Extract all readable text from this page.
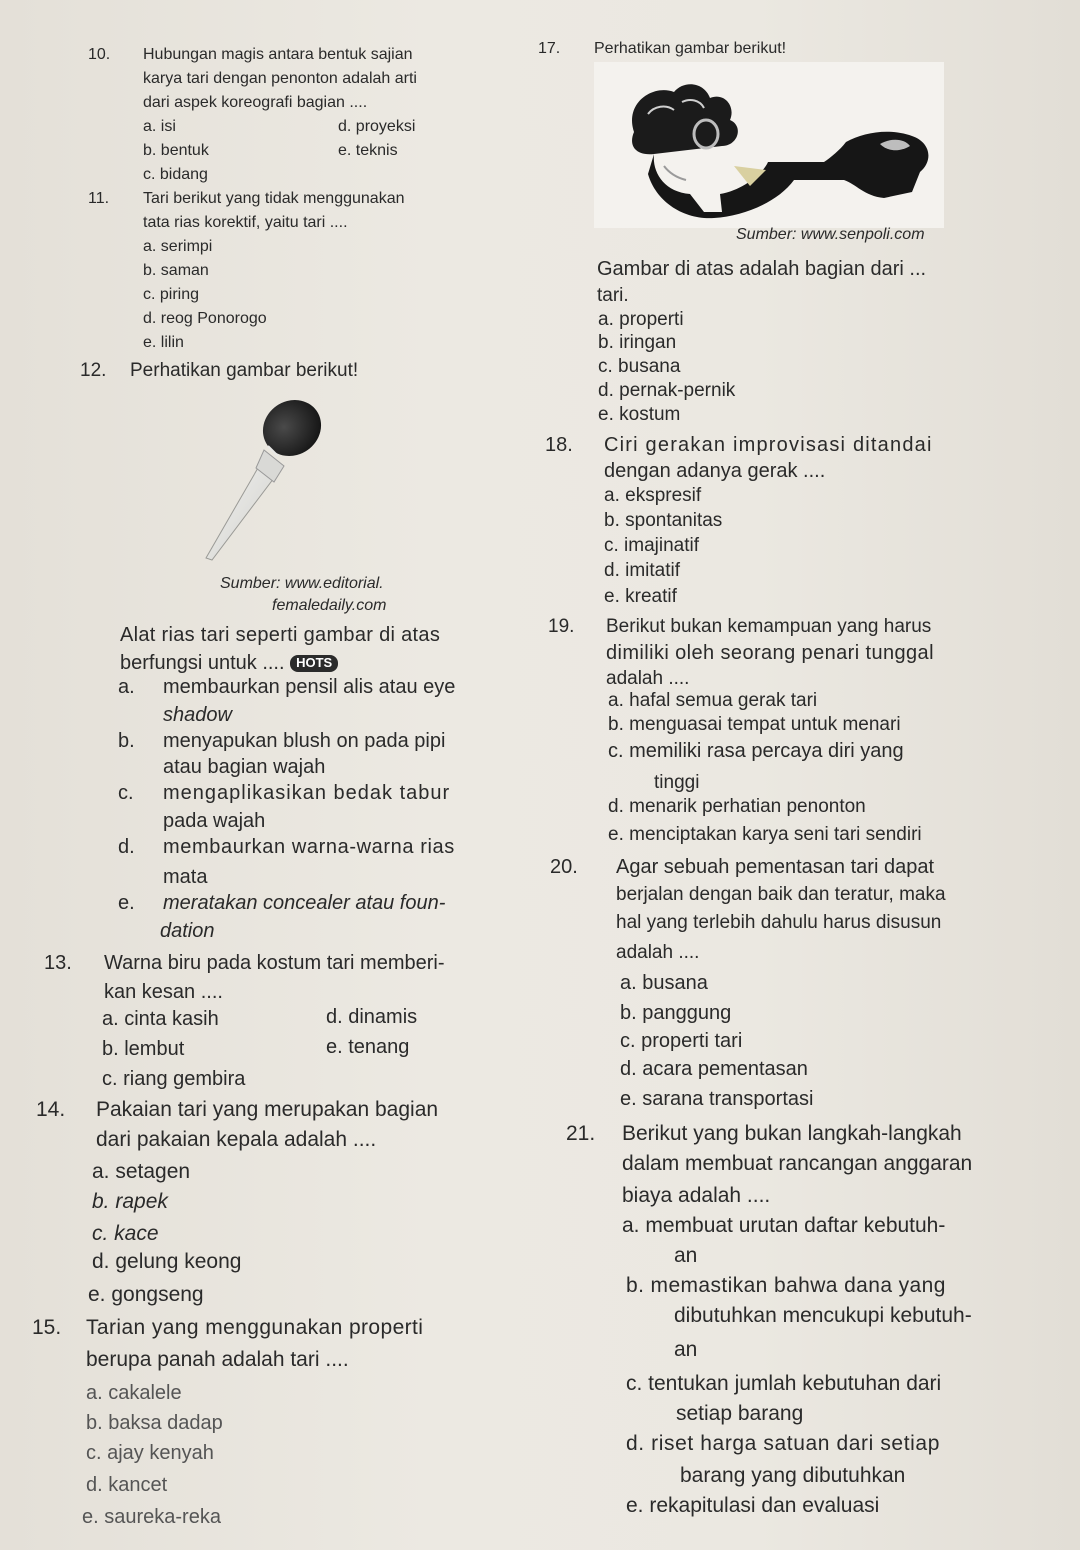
10. Hubungan magis antara bentuk sajian
karya tari dengan penonton adalah arti
dari aspek koreografi bagian ....
a. isi	d. proyeksi
b. bentuk	e. teknis
c. bidang
11. Tari berikut yang tidak menggunakan
tata rias korektif, yaitu tari ....
a. serimpi
b. saman
c. piring
d. reog Ponorogo
e. lilin
12. Perhatikan gambar berikut!
Sumber: www.editorial.
femaledaily.com
Alat rias tari seperti gambar di atas
berfungsi untuk .... HOTS
a. membaurkan pensil alis atau eye
shadow
b. menyapukan blush on pada pipi
atau bagian wajah
c. mengaplikasikan bedak tabur
pada wajah
d. membaurkan warna-warna rias
mata
e. meratakan concealer atau foun-
dation
13. Warna biru pada kostum tari memberi-
kan kesan ....
a. cinta kasih	d. dinamis
b. lembut	e. tenang
c. riang gembira
14. Pakaian tari yang merupakan bagian
dari pakaian kepala adalah ....
a. setagen
b. rapek
c. kace
d. gelung keong
e. gongseng
15. Tarian yang menggunakan properti
berupa panah adalah tari ....
a. cakalele
b. baksa dadap
c. ajay kenyah
d. kancet
e. saureka-reka
17. Perhatikan gambar berikut!
Sumber: www.senpoli.com
Gambar di atas adalah bagian dari ...
tari.
a. properti
b. iringan
c. busana
d. pernak-pernik
e. kostum
18. Ciri gerakan improvisasi ditandai
dengan adanya gerak ....
a. ekspresif
b. spontanitas
c. imajinatif
d. imitatif
e. kreatif
19. Berikut bukan kemampuan yang harus
dimiliki oleh seorang penari tunggal
adalah ....
a. hafal semua gerak tari
b. menguasai tempat untuk menari
c. memiliki rasa percaya diri yang
tinggi
d. menarik perhatian penonton
e. menciptakan karya seni tari sendiri
20. Agar sebuah pementasan tari dapat
berjalan dengan baik dan teratur, maka
hal yang terlebih dahulu harus disusun
adalah ....
a. busana
b. panggung
c. properti tari
d. acara pementasan
e. sarana transportasi
21. Berikut yang bukan langkah-langkah
dalam membuat rancangan anggaran
biaya adalah ....
a. membuat urutan daftar kebutuh-
an
b. memastikan bahwa dana yang
dibutuhkan mencukupi kebutuh-
an
c. tentukan jumlah kebutuhan dari
setiap barang
d. riset harga satuan dari setiap
barang yang dibutuhkan
e. rekapitulasi dan evaluasi
